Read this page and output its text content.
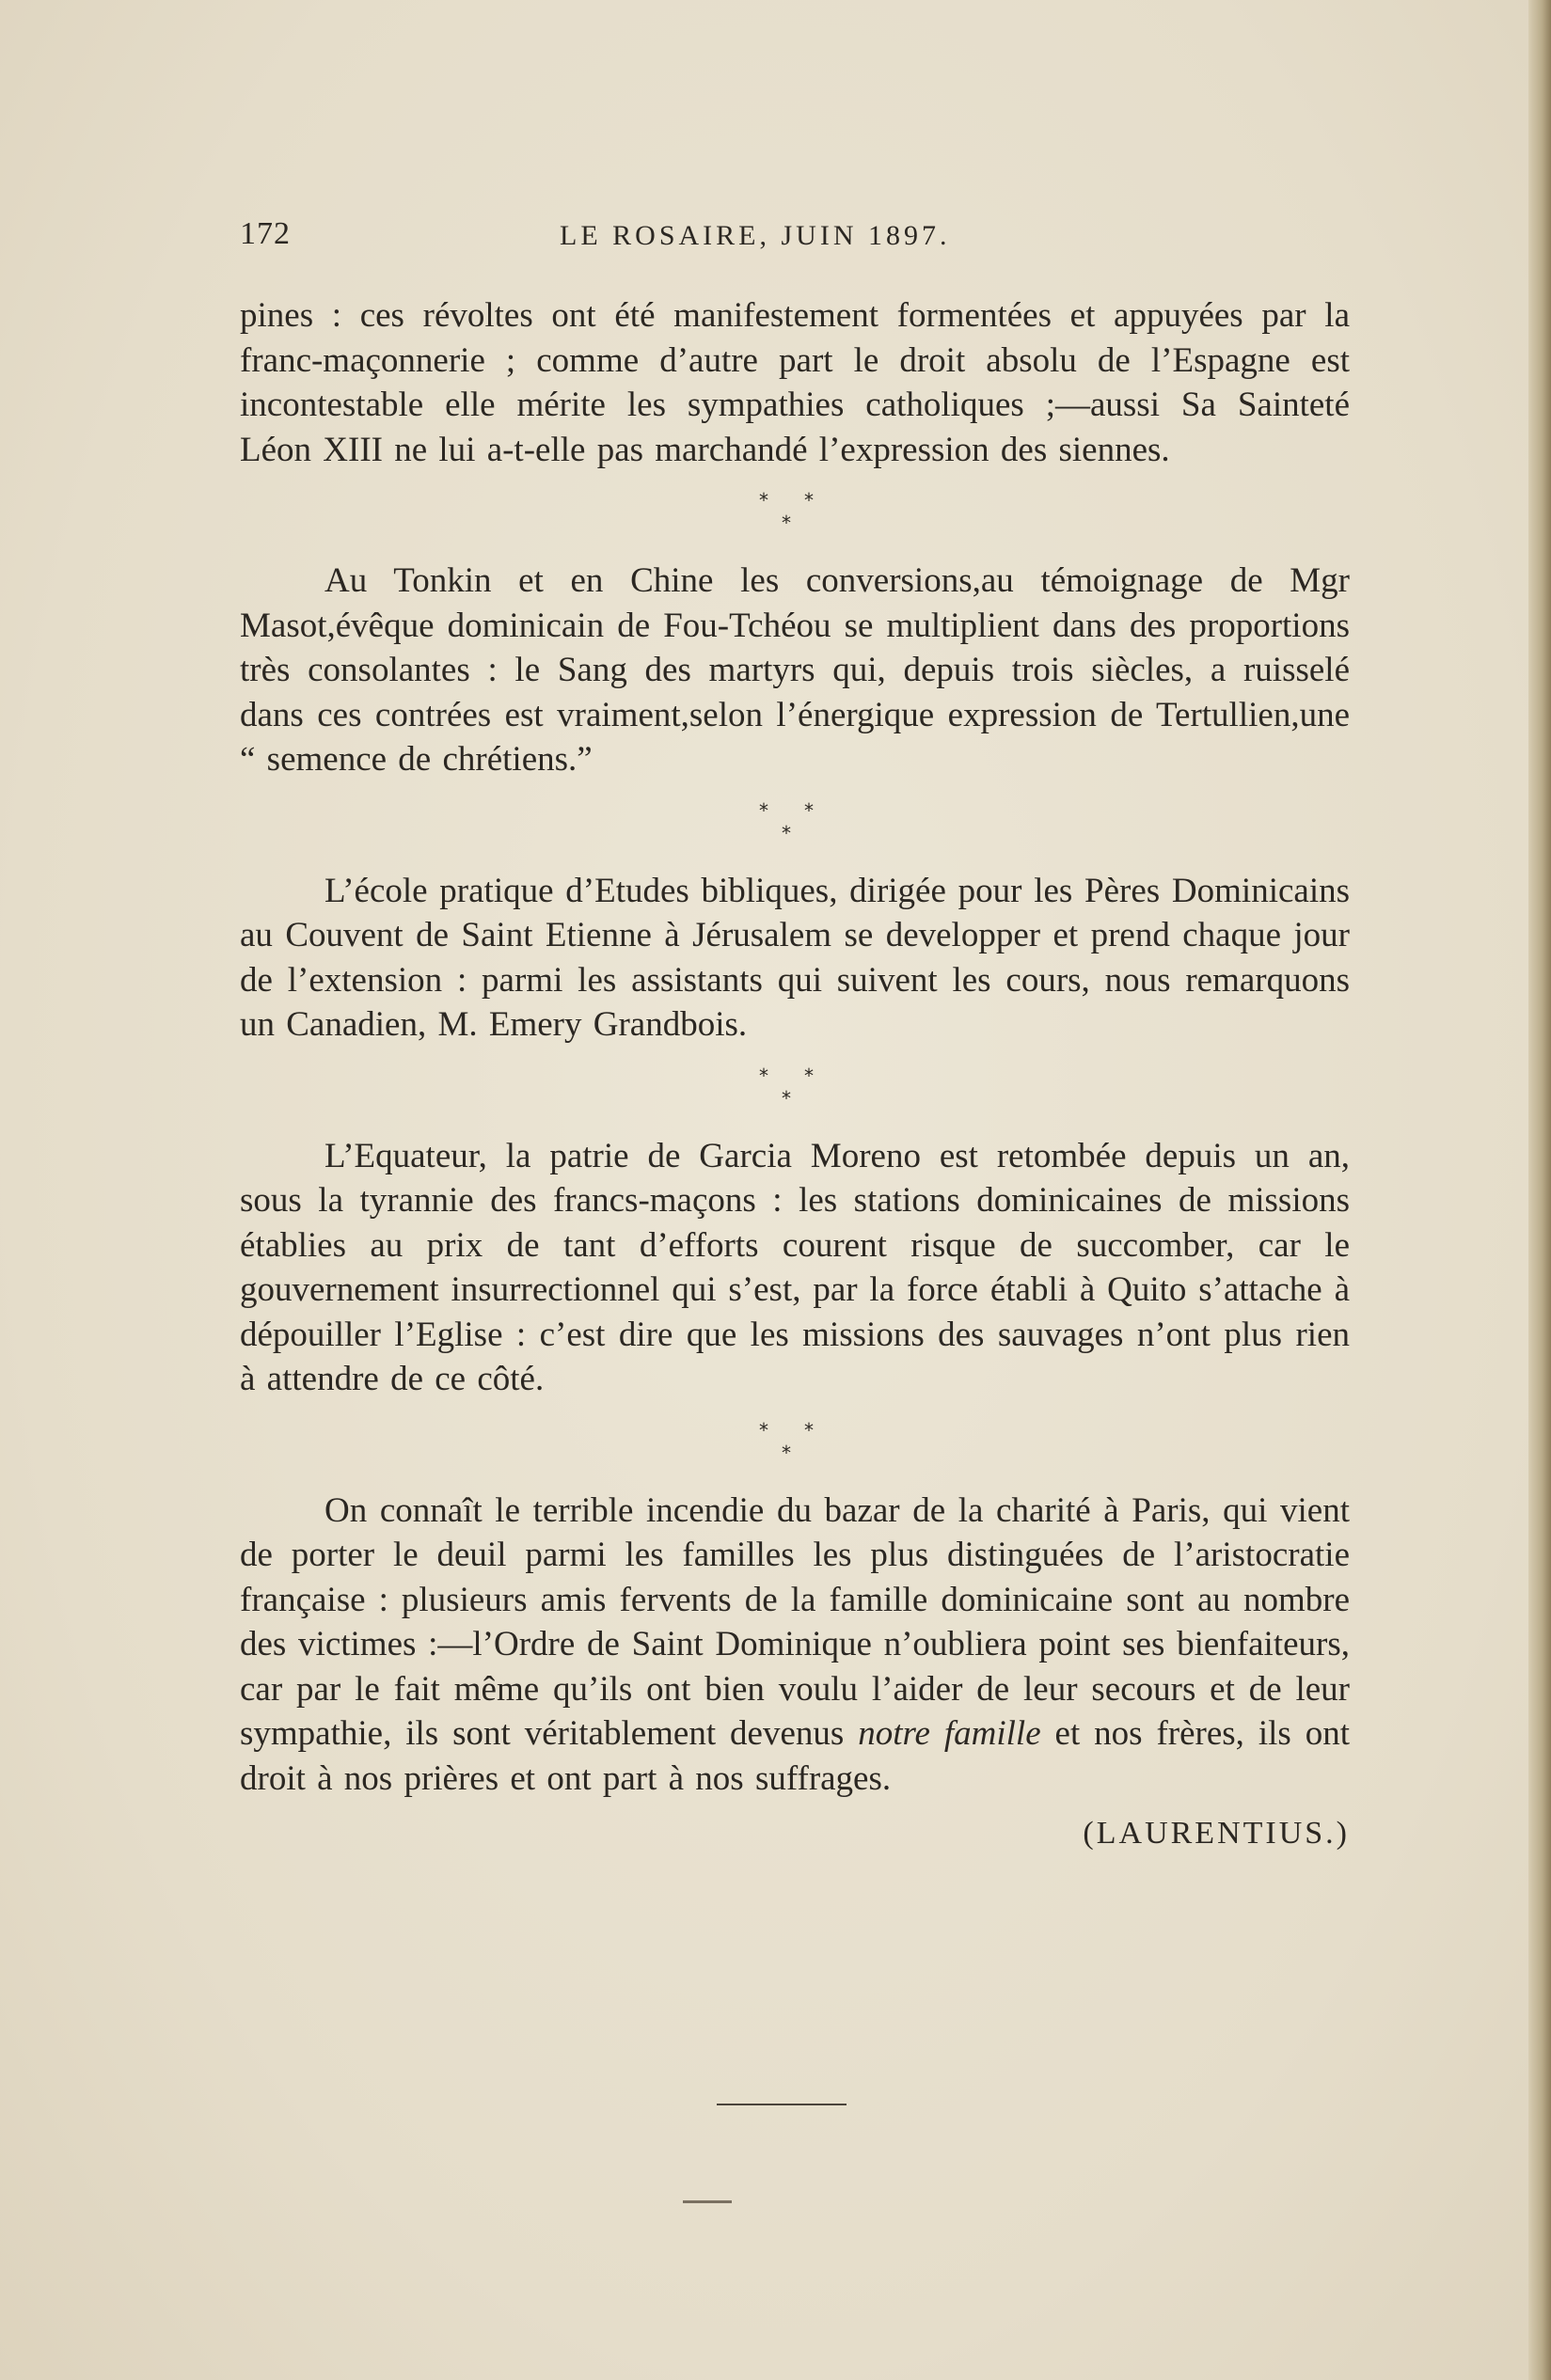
172	LE ROSAIRE, JUIN 1897.

pines : ces révoltes ont été manifestement formentées et appuyées par la franc-maçonnerie ; comme d’autre part le droit absolu de l’Espagne est incontestable elle mérite les sympathies catholiques ;—aussi Sa Sainteté Léon XIII ne lui a-t-elle pas marchandé l’expression des siennes.

* *
*

Au Tonkin et en Chine les conversions,au témoignage de Mgr Masot,évêque dominicain de Fou-Tchéou se multiplient dans des proportions très consolantes : le Sang des martyrs qui, depuis trois siècles, a ruisselé dans ces contrées est vraiment,selon l’énergique expression de Tertullien,une “ semence de chrétiens.”

* *
*

L’école pratique d’Etudes bibliques, dirigée pour les Pères Dominicains au Couvent de Saint Etienne à Jérusalem se developper et prend chaque jour de l’extension : parmi les assistants qui suivent les cours, nous remarquons un Canadien, M. Emery Grandbois.

* *
*

L’Equateur, la patrie de Garcia Moreno est retombée depuis un an, sous la tyrannie des francs-maçons : les stations dominicaines de missions établies au prix de tant d’efforts courent risque de succomber, car le gouvernement insurrectionnel qui s’est, par la force établi à Quito s’attache à dépouiller l’Eglise : c’est dire que les missions des sauvages n’ont plus rien à attendre de ce côté.

* *
*

On connaît le terrible incendie du bazar de la charité à Paris, qui vient de porter le deuil parmi les familles les plus distinguées de l’aristocratie française : plusieurs amis fervents de la famille dominicaine sont au nombre des victimes :—l’Ordre de Saint Dominique n’oubliera point ses bienfaiteurs, car par le fait même qu’ils ont bien voulu l’aider de leur secours et de leur sympathie, ils sont véritablement devenus notre famille et nos frères, ils ont droit à nos prières et ont part à nos suffrages.

(LAURENTIUS.)
